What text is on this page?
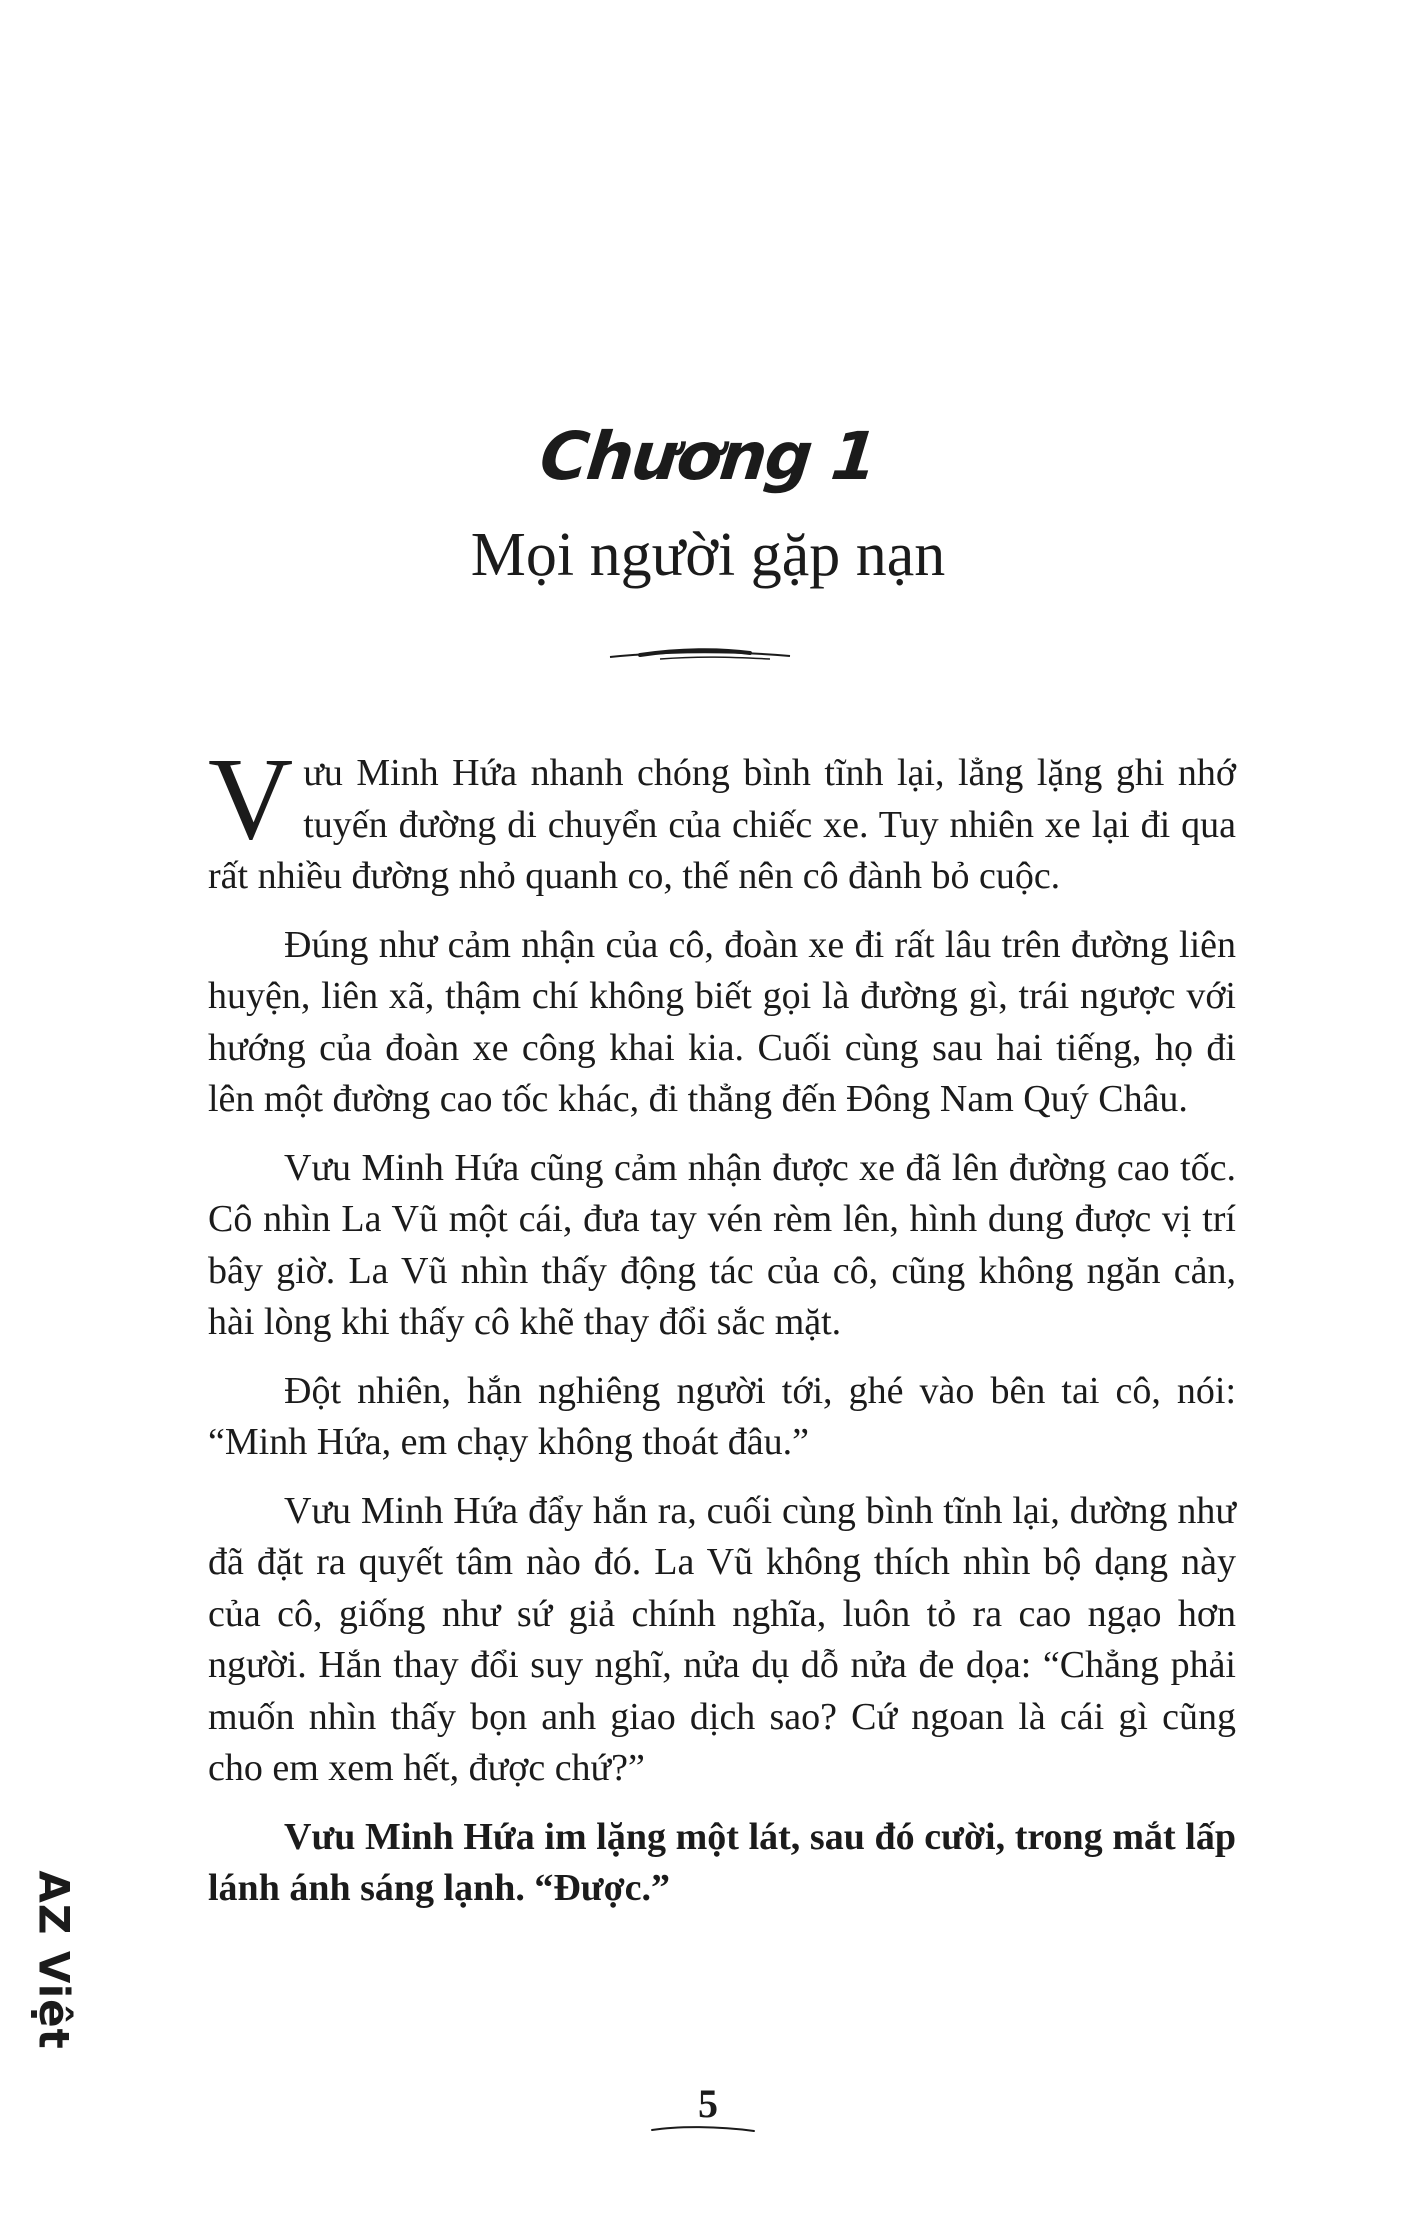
Chương 1
Mọi người gặp nạn

Vưu Minh Hứa nhanh chóng bình tĩnh lại, lẳng lặng ghi nhớ tuyến đường di chuyển của chiếc xe. Tuy nhiên xe lại đi qua rất nhiều đường nhỏ quanh co, thế nên cô đành bỏ cuộc.

Đúng như cảm nhận của cô, đoàn xe đi rất lâu trên đường liên huyện, liên xã, thậm chí không biết gọi là đường gì, trái ngược với hướng của đoàn xe công khai kia. Cuối cùng sau hai tiếng, họ đi lên một đường cao tốc khác, đi thẳng đến Đông Nam Quý Châu.

Vưu Minh Hứa cũng cảm nhận được xe đã lên đường cao tốc. Cô nhìn La Vũ một cái, đưa tay vén rèm lên, hình dung được vị trí bây giờ. La Vũ nhìn thấy động tác của cô, cũng không ngăn cản, hài lòng khi thấy cô khẽ thay đổi sắc mặt.

Đột nhiên, hắn nghiêng người tới, ghé vào bên tai cô, nói: “Minh Hứa, em chạy không thoát đâu.”

Vưu Minh Hứa đẩy hắn ra, cuối cùng bình tĩnh lại, dường như đã đặt ra quyết tâm nào đó. La Vũ không thích nhìn bộ dạng này của cô, giống như sứ giả chính nghĩa, luôn tỏ ra cao ngạo hơn người. Hắn thay đổi suy nghĩ, nửa dụ dỗ nửa đe dọa: “Chẳng phải muốn nhìn thấy bọn anh giao dịch sao? Cứ ngoan là cái gì cũng cho em xem hết, được chứ?”

Vưu Minh Hứa im lặng một lát, sau đó cười, trong mắt lấp lánh ánh sáng lạnh. “Được.”

AZ Việt
5
